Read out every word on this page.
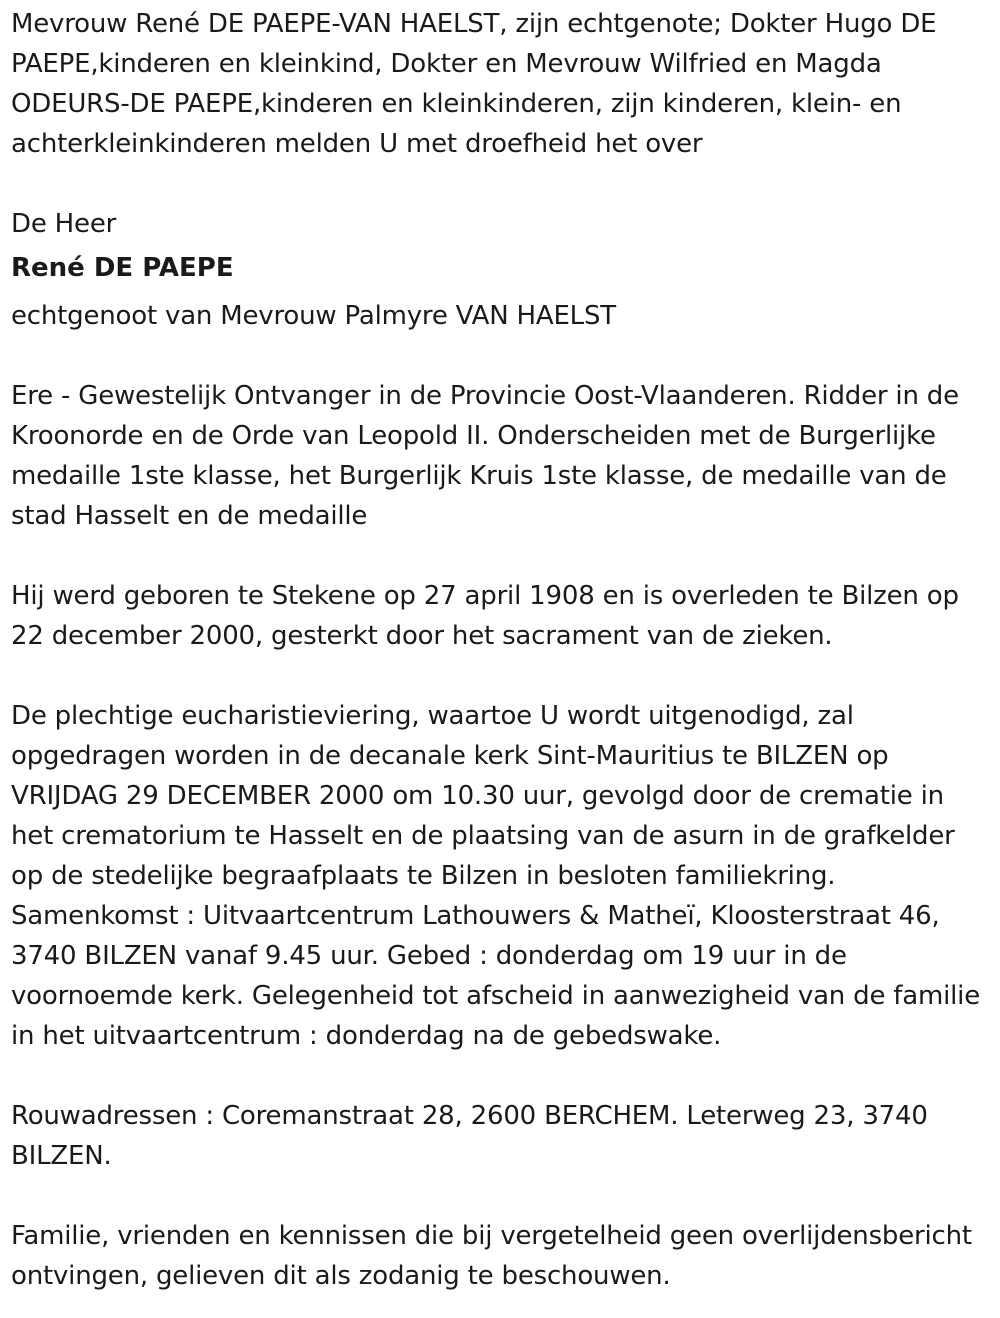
Mevrouw René DE PAEPE-VAN HAELST, zijn echtgenote; Dokter Hugo DE PAEPE,kinderen en kleinkind, Dokter en Mevrouw Wilfried en Magda ODEURS-DE PAEPE,kinderen en kleinkinderen, zijn kinderen, klein- en achterkleinkinderen melden U met droefheid het over

De Heer

René DE PAEPE

echtgenoot van Mevrouw Palmyre VAN HAELST

Ere - Gewestelijk Ontvanger in de Provincie Oost-Vlaanderen. Ridder in de Kroonorde en de Orde van Leopold II. Onderscheiden met de Burgerlijke medaille 1ste klasse, het Burgerlijk Kruis 1ste klasse, de medaille van de stad Hasselt en de medaille

Hij werd geboren te Stekene op 27 april 1908 en is overleden te Bilzen op 22 december 2000, gesterkt door het sacrament van de zieken.

De plechtige eucharistieviering, waartoe U wordt uitgenodigd, zal opgedragen worden in de decanale kerk Sint-Mauritius te BILZEN op VRIJDAG 29 DECEMBER 2000 om 10.30 uur, gevolgd door de crematie in het crematorium te Hasselt en de plaatsing van de asurn in de grafkelder op de stedelijke begraafplaats te Bilzen in besloten familiekring. Samenkomst : Uitvaartcentrum Lathouwers & Matheï, Kloosterstraat 46, 3740 BILZEN vanaf 9.45 uur. Gebed : donderdag om 19 uur in de voornoemde kerk. Gelegenheid tot afscheid in aanwezigheid van de familie in het uitvaartcentrum : donderdag na de gebedswake.

Rouwadressen : Coremanstraat 28, 2600 BERCHEM. Leterweg 23, 3740 BILZEN.

Familie, vrienden en kennissen die bij vergetelheid geen overlijdensbericht ontvingen, gelieven dit als zodanig te beschouwen.
